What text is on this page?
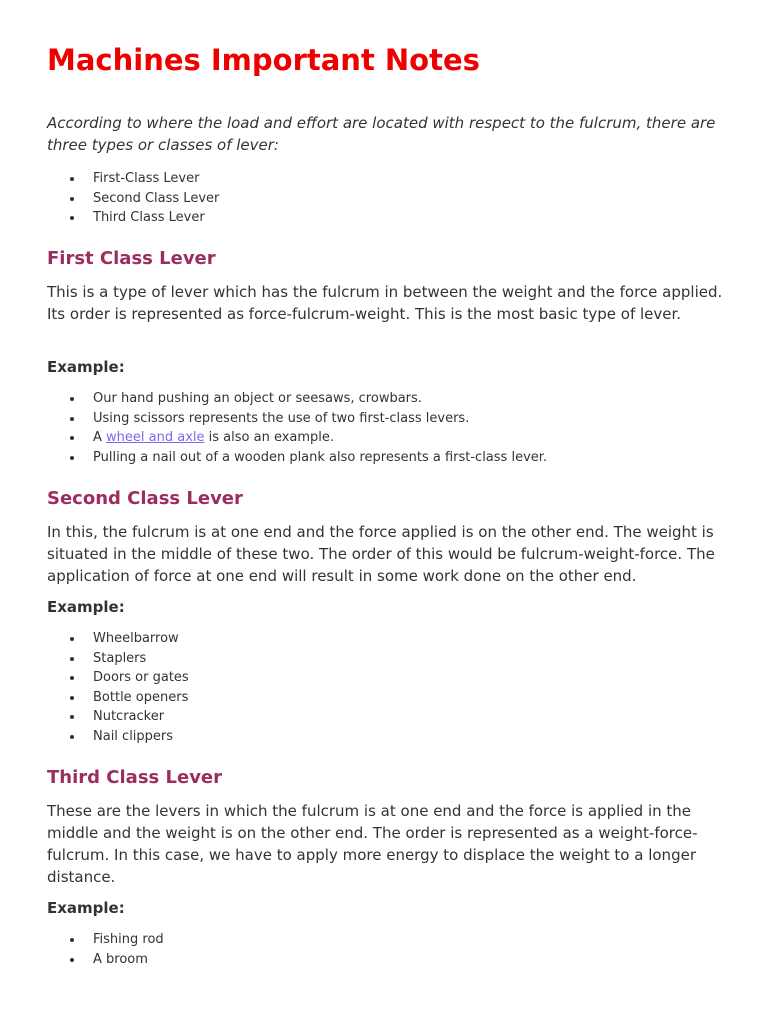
Machines Important Notes

According to where the load and effort are located with respect to the fulcrum, there are three types or classes of lever:

First-Class Lever
Second Class Lever
Third Class Lever
First Class Lever

This is a type of lever which has the fulcrum in between the weight and the force applied. Its order is represented as force-fulcrum-weight. This is the most basic type of lever.

Example:

Our hand pushing an object or seesaws, crowbars.
Using scissors represents the use of two first-class levers.
A wheel and axle is also an example.
Pulling a nail out of a wooden plank also represents a first-class lever.
Second Class Lever

In this, the fulcrum is at one end and the force applied is on the other end. The weight is situated in the middle of these two. The order of this would be fulcrum-weight-force. The application of force at one end will result in some work done on the other end.

Example:

Wheelbarrow
Staplers
Doors or gates
Bottle openers
Nutcracker
Nail clippers
Third Class Lever

These are the levers in which the fulcrum is at one end and the force is applied in the middle and the weight is on the other end. The order is represented as a weight-force-fulcrum. In this case, we have to apply more energy to displace the weight to a longer distance.

Example:

Fishing rod
A broom
